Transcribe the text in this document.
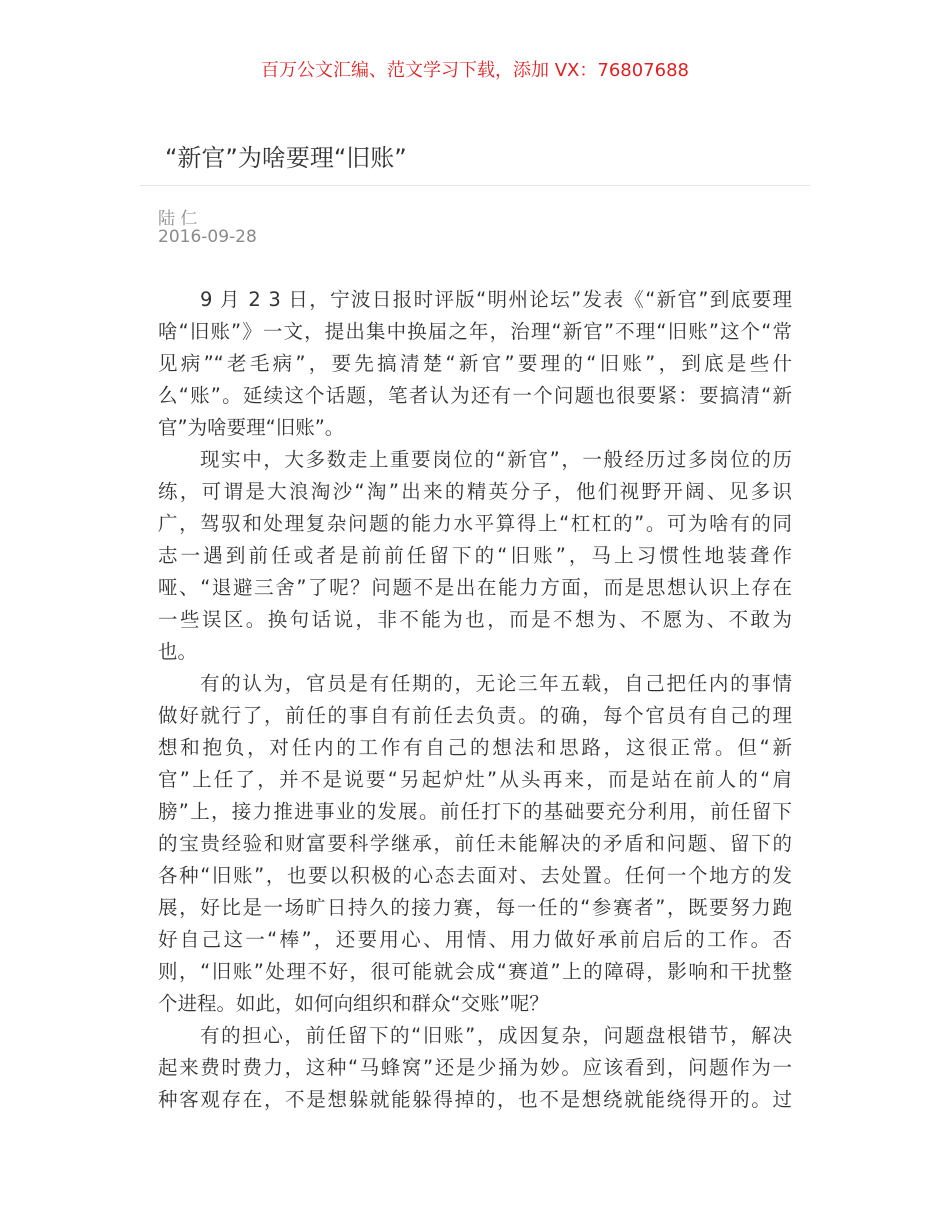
百万公文汇编、范文学习下载，添加 VX：76807688
“新官”为啥要理“旧账”
陆 仁
2016-09-28
9 月 2 3 日，宁波日报时评版“明州论坛”发表《“新官”到底要理
啥“旧账”》一文，提出集中换届之年，治理“新官”不理“旧账”这个“常
见病”“老毛病”，要先搞清楚“新官”要理的“旧账”，到底是些什
么“账”。延续这个话题，笔者认为还有一个问题也很要紧：要搞清“新
官”为啥要理“旧账”。
现实中，大多数走上重要岗位的“新官”，一般经历过多岗位的历
练，可谓是大浪淘沙“淘”出来的精英分子，他们视野开阔、见多识
广，驾驭和处理复杂问题的能力水平算得上“杠杠的”。可为啥有的同
志一遇到前任或者是前前任留下的“旧账”，马上习惯性地装聋作
哑、“退避三舍”了呢？问题不是出在能力方面，而是思想认识上存在
一些误区。换句话说，非不能为也，而是不想为、不愿为、不敢为
也。
有的认为，官员是有任期的，无论三年五载，自己把任内的事情
做好就行了，前任的事自有前任去负责。的确，每个官员有自己的理
想和抱负，对任内的工作有自己的想法和思路，这很正常。但“新
官”上任了，并不是说要“另起炉灶”从头再来，而是站在前人的“肩
膀”上，接力推进事业的发展。前任打下的基础要充分利用，前任留下
的宝贵经验和财富要科学继承，前任未能解决的矛盾和问题、留下的
各种“旧账”，也要以积极的心态去面对、去处置。任何一个地方的发
展，好比是一场旷日持久的接力赛，每一任的“参赛者”，既要努力跑
好自己这一“棒”，还要用心、用情、用力做好承前启后的工作。否
则，“旧账”处理不好，很可能就会成“赛道”上的障碍，影响和干扰整
个进程。如此，如何向组织和群众“交账”呢？
有的担心，前任留下的“旧账”，成因复杂，问题盘根错节，解决
起来费时费力，这种“马蜂窝”还是少捅为妙。应该看到，问题作为一
种客观存在，不是想躲就能躲得掉的，也不是想绕就能绕得开的。过
